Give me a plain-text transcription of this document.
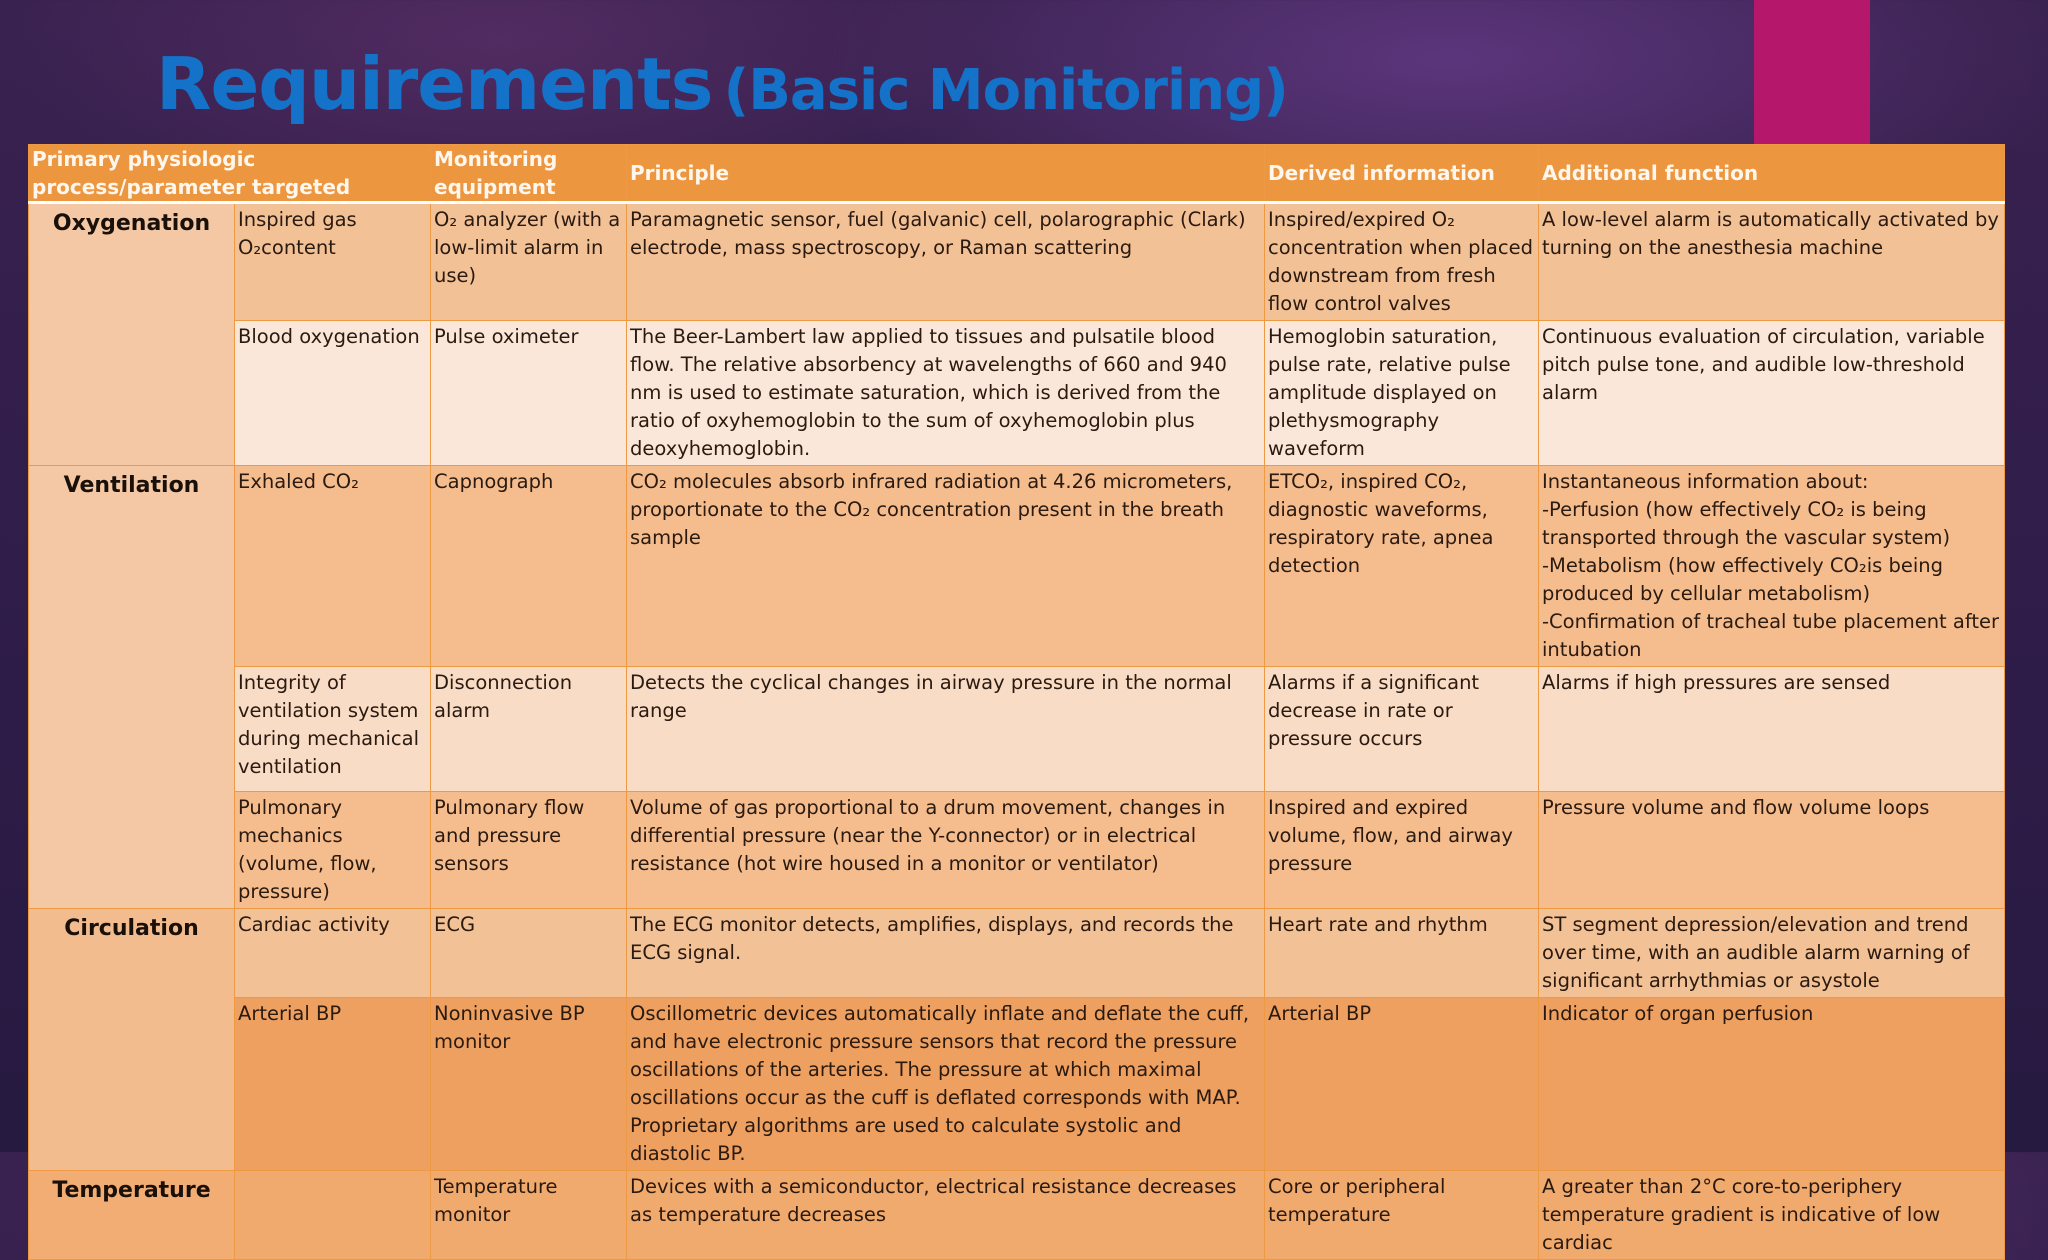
Requirements (Basic Monitoring)
Primary physiologic process/parameter targeted		Monitoring equipment	Principle	Derived information	Additional function
Oxygenation	Inspired gas O₂content	O₂ analyzer (with a low-limit alarm in use)	Paramagnetic sensor, fuel (galvanic) cell, polarographic (Clark) electrode, mass spectroscopy, or Raman scattering	Inspired/expired O₂ concentration when placed downstream from fresh flow control valves	A low-level alarm is automatically activated by turning on the anesthesia machine
	Blood oxygenation	Pulse oximeter	The Beer-Lambert law applied to tissues and pulsatile blood flow. The relative absorbency at wavelengths of 660 and 940 nm is used to estimate saturation, which is derived from the ratio of oxyhemoglobin to the sum of oxyhemoglobin plus deoxyhemoglobin.	Hemoglobin saturation, pulse rate, relative pulse amplitude displayed on plethysmography waveform	Continuous evaluation of circulation, variable pitch pulse tone, and audible low-threshold alarm
Ventilation	Exhaled CO₂	Capnograph	CO₂ molecules absorb infrared radiation at 4.26 micrometers, proportionate to the CO₂ concentration present in the breath sample	ETCO₂, inspired CO₂, diagnostic waveforms, respiratory rate, apnea detection	Instantaneous information about:
-Perfusion (how effectively CO₂ is being transported through the vascular system)
-Metabolism (how effectively CO₂is being produced by cellular metabolism)
-Confirmation of tracheal tube placement after intubation
	Integrity of ventilation system during mechanical ventilation	Disconnection alarm	Detects the cyclical changes in airway pressure in the normal range	Alarms if a significant decrease in rate or pressure occurs	Alarms if high pressures are sensed
	Pulmonary mechanics (volume, flow, pressure)	Pulmonary flow and pressure sensors	Volume of gas proportional to a drum movement, changes in differential pressure (near the Y-connector) or in electrical resistance (hot wire housed in a monitor or ventilator)	Inspired and expired volume, flow, and airway pressure	Pressure volume and flow volume loops
Circulation	Cardiac activity	ECG	The ECG monitor detects, amplifies, displays, and records the ECG signal.	Heart rate and rhythm	ST segment depression/elevation and trend over time, with an audible alarm warning of significant arrhythmias or asystole
	Arterial BP	Noninvasive BP monitor	Oscillometric devices automatically inflate and deflate the cuff, and have electronic pressure sensors that record the pressure oscillations of the arteries. The pressure at which maximal oscillations occur as the cuff is deflated corresponds with MAP. Proprietary algorithms are used to calculate systolic and diastolic BP.	Arterial BP	Indicator of organ perfusion
Temperature		Temperature monitor	Devices with a semiconductor, electrical resistance decreases as temperature decreases	Core or peripheral temperature	A greater than 2°C core-to-periphery temperature gradient is indicative of low cardiac
